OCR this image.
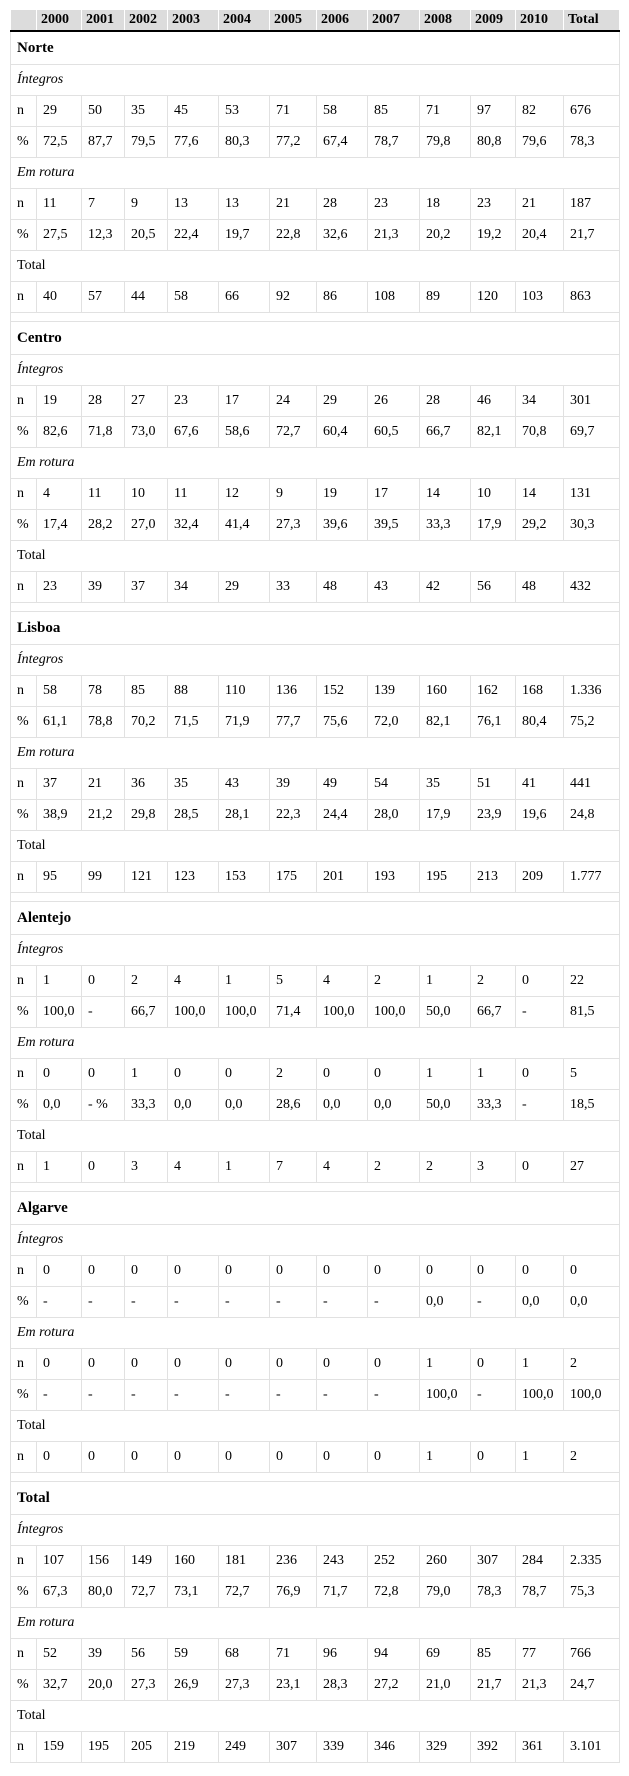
	2000	2001	2002	2003	2004	2005	2006	2007	2008	2009	2010	Total
Norte												
Íntegros												
n	29	50	35	45	53	71	58	85	71	97	82	676
%	72,5	87,7	79,5	77,6	80,3	77,2	67,4	78,7	79,8	80,8	79,6	78,3
Em rotura												
n	11	7	9	13	13	21	28	23	18	23	21	187
%	27,5	12,3	20,5	22,4	19,7	22,8	32,6	21,3	20,2	19,2	20,4	21,7
Total												
n	40	57	44	58	66	92	86	108	89	120	103	863

Centro												
Íntegros												
n	19	28	27	23	17	24	29	26	28	46	34	301
%	82,6	71,8	73,0	67,6	58,6	72,7	60,4	60,5	66,7	82,1	70,8	69,7
Em rotura												
n	4	11	10	11	12	9	19	17	14	10	14	131
%	17,4	28,2	27,0	32,4	41,4	27,3	39,6	39,5	33,3	17,9	29,2	30,3
Total												
n	23	39	37	34	29	33	48	43	42	56	48	432

Lisboa												
Íntegros												
n	58	78	85	88	110	136	152	139	160	162	168	1.336
%	61,1	78,8	70,2	71,5	71,9	77,7	75,6	72,0	82,1	76,1	80,4	75,2
Em rotura												
n	37	21	36	35	43	39	49	54	35	51	41	441
%	38,9	21,2	29,8	28,5	28,1	22,3	24,4	28,0	17,9	23,9	19,6	24,8
Total												
n	95	99	121	123	153	175	201	193	195	213	209	1.777

Alentejo												
Íntegros												
n	1	0	2	4	1	5	4	2	1	2	0	22
%	100,0	-	66,7	100,0	100,0	71,4	100,0	100,0	50,0	66,7	-	81,5
Em rotura												
n	0	0	1	0	0	2	0	0	1	1	0	5
%	0,0	- %	33,3	0,0	0,0	28,6	0,0	0,0	50,0	33,3	-	18,5
Total												
n	1	0	3	4	1	7	4	2	2	3	0	27

Algarve												
Íntegros												
n	0	0	0	0	0	0	0	0	0	0	0	0
%	-	-	-	-	-	-	-	-	0,0	-	0,0	0,0
Em rotura												
n	0	0	0	0	0	0	0	0	1	0	1	2
%	-	-	-	-	-	-	-	-	100,0	-	100,0	100,0
Total												
n	0	0	0	0	0	0	0	0	1	0	1	2

Total												
Íntegros												
n	107	156	149	160	181	236	243	252	260	307	284	2.335
%	67,3	80,0	72,7	73,1	72,7	76,9	71,7	72,8	79,0	78,3	78,7	75,3
Em rotura												
n	52	39	56	59	68	71	96	94	69	85	77	766
%	32,7	20,0	27,3	26,9	27,3	23,1	28,3	27,2	21,0	21,7	21,3	24,7
Total												
n	159	195	205	219	249	307	339	346	329	392	361	3.101
